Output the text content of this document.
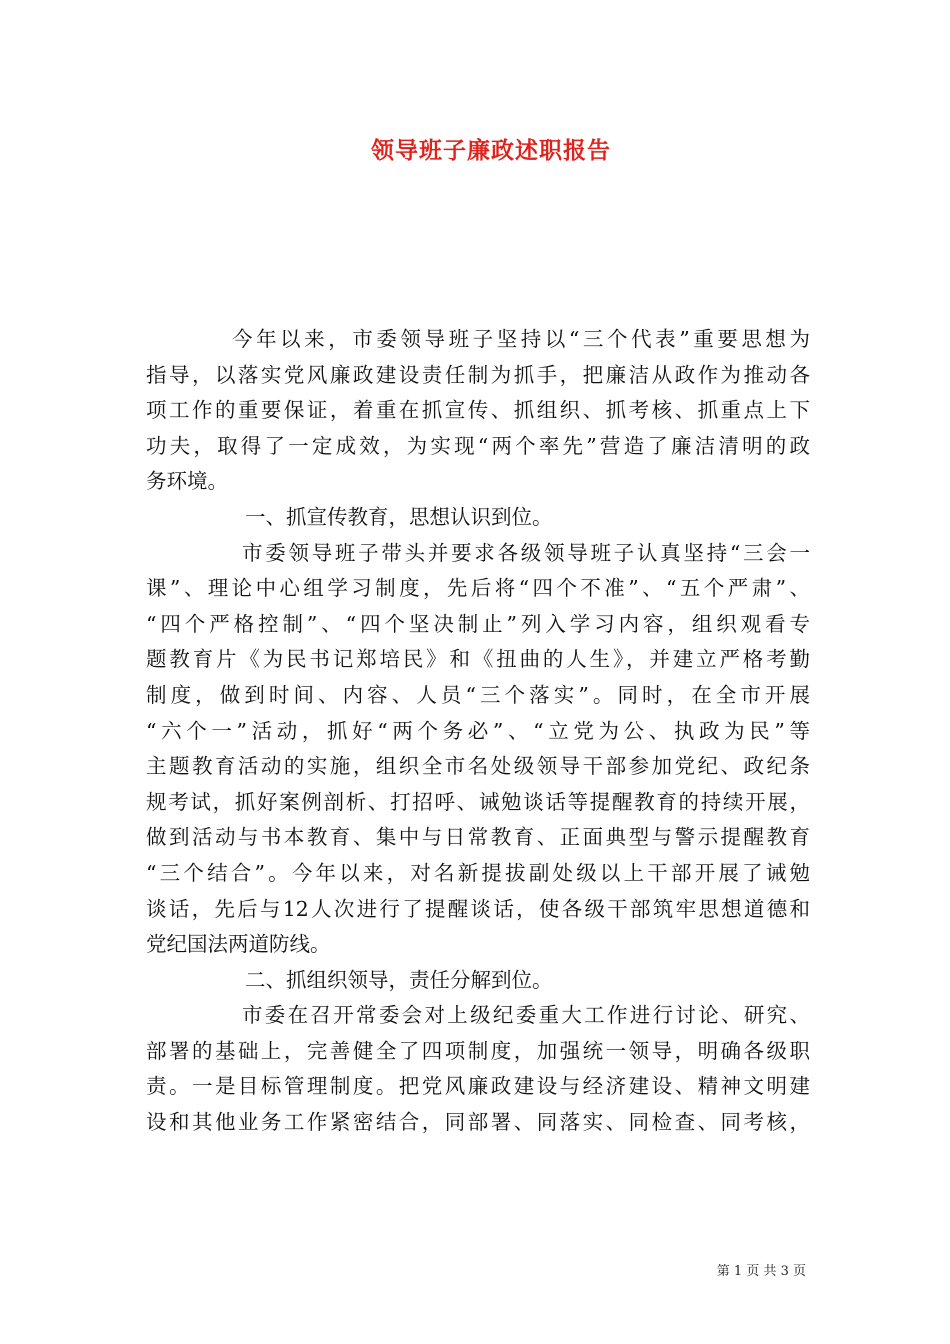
领导班子廉政述职报告
今年以来，市委领导班子坚持以“三个代表”重要思想为
指导，以落实党风廉政建设责任制为抓手，把廉洁从政作为推动各
项工作的重要保证，着重在抓宣传、抓组织、抓考核、抓重点上下
功夫，取得了一定成效，为实现“两个率先”营造了廉洁清明的政
务环境。
一、抓宣传教育，思想认识到位。
市委领导班子带头并要求各级领导班子认真坚持“三会一
课”、理论中心组学习制度，先后将“四个不准”、“五个严肃”、
“四个严格控制”、“四个坚决制止”列入学习内容，组织观看专
题教育片《为民书记郑培民》和《扭曲的人生》，并建立严格考勤
制度，做到时间、内容、人员“三个落实”。同时，在全市开展
“六个一”活动，抓好“两个务必”、“立党为公、执政为民”等
主题教育活动的实施，组织全市名处级领导干部参加党纪、政纪条
规考试，抓好案例剖析、打招呼、诫勉谈话等提醒教育的持续开展，
做到活动与书本教育、集中与日常教育、正面典型与警示提醒教育
“三个结合”。今年以来，对名新提拔副处级以上干部开展了诫勉
谈话，先后与12人次进行了提醒谈话，使各级干部筑牢思想道德和
党纪国法两道防线。
二、抓组织领导，责任分解到位。
市委在召开常委会对上级纪委重大工作进行讨论、研究、
部署的基础上，完善健全了四项制度，加强统一领导，明确各级职
责。一是目标管理制度。把党风廉政建设与经济建设、精神文明建
设和其他业务工作紧密结合，同部署、同落实、同检查、同考核，
第 1 页 共 3 页
